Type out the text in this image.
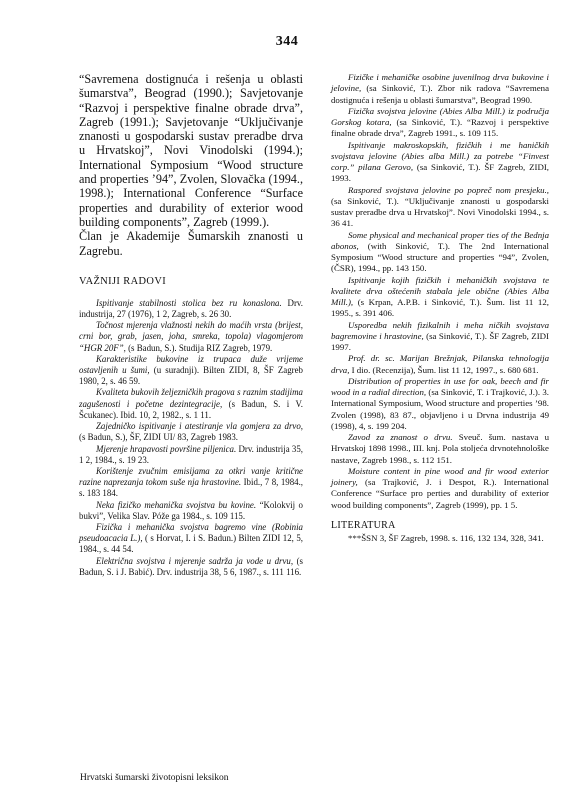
344

“Savremena dostignuća i rešenja u oblasti šumarstva”, Beograd (1990.); Savjetovanje “Razvoj i perspektive finalne obrade drva”, Zagreb (1991.); Savjetovanje “Uključivanje znanosti u gospodarski sustav preradbe drva u Hrvatskoj”, Novi Vinodolski (1994.); International Symposium “Wood structure and properties ’94”, Zvolen, Slovačka (1994., 1998.); International Conference “Surface properties and durability of exterior wood building components”, Zagreb (1999.).

Član je Akademije Šumarskih znanosti u Zagrebu.

VAŽNIJI RADOVI
Ispitivanje stabilnosti stolica bez ru konaslona. Drv. industrija, 27 (1976), 1 2, Zagreb, s. 26 30.
Točnost mjerenja vlažnosti nekih do maćih vrsta (brijest, crni bor, grab, jasen, joha, smreka, topola) vlagomjerom “HGR 20F”, (s Badun, S.). Studija RIZ Zagreb, 1979.
Karakteristike bukovine iz trupaca duže vrijeme ostavljenih u šumi, (u suradnji). Bilten ZIDI, 8, ŠF Zagreb 1980, 2, s. 46 59.
Kvaliteta bukovih željezničkih pragova s raznim stadijima zagušenosti i početne dezintegracije, (s Badun, S. i V. Šcukanec). Ibid. 10, 2, 1982., s. 1 11.
Zajedničko ispitivanje i atestiranje vla gomjera za drvo, (s Badun, S.), ŠF, ZIDI UI/ 83, Zagreb 1983.
Mjerenje hrapavosti površine piljenica. Drv. industrija 35, 1 2, 1984., s. 19 23.
Korištenje zvučnim emisijama za otkri vanje kritične razine naprezanja tokom suše nja hrastovine. Ibid., 7 8, 1984., s. 183 184.
Neka fizičko mehanička svojstva bu kovine. “Kolokvij o bukvi”, Velika Slav. Póže ga 1984., s. 109 115.
Fizička i mehanička svojstva bagremo vine (Robinia pseudoacacia L.), ( s Horvat, I. i S. Badun.) Bilten ZIDI 12, 5, 1984., s. 44 54.
Električna svojstva i mjerenje sadrža ja vode u drvu, (s Badun, S. i J. Babić). Drv. industrija 38, 5 6, 1987., s. 111 116.
Fizičke i mehaničke osobine juvenilnog drva bukovine i jelovine, (sa Sinković, T.). Zbor nik radova “Savremena dostignuća i rešenja u oblasti šumarstva”, Beograd 1990.
Fizička svojstva jelovine (Abies Alba Mill.) iz područja Gorskog kotara, (sa Sinković, T.). “Razvoj i perspektive finalne obrade drva”, Zagreb 1991., s. 109 115.
Ispitivanje makroskopskih, fizičkih i me haničkih svojstava jelovine (Abies alba Mill.) za potrebe “Finvest corp.” pilana Gerovo, (sa Sinković, T.). ŠF Zagreb, ZIDI, 1993.
Raspored svojstava jelovine po popreč nom presjeku., (sa Sinković, T.). “Uključivanje znanosti u gospodarski sustav preradbe drva u Hrvatskoj”. Novi Vinodolski 1994., s. 36 41.
Some physical and mechanical proper ties of the Bednja abonos, (with Sinković, T.). The 2nd International Symposium “Wood structure and properties “94”, Zvolen, (ČSR), 1994., pp. 143 150.
Ispitivanje kojih fizičkih i mehaničkih svojstava te kvalitete drva oštećenih stabala jele obične (Abies Alba Mill.), (s Krpan, A.P.B. i Sinković, T.). Šum. list 11 12, 1995., s. 391 406.
Usporedba nekih fizikalnih i meha ničkih svojstava bagremovine i hrastovine, (sa Sinković, T.). ŠF Zagreb, ZIDI 1997.
Prof. dr. sc. Marijan Brežnjak, Pilanska tehnologija drva, I dio. (Recenzija), Šum. list 11 12, 1997., s. 680 681.
Distribution of properties in use for oak, beech and fir wood in a radial direction, (sa Sinković, T. i Trajković, J.). 3. International Symposium, Wood structure and properties ’98. Zvolen (1998), 83 87., objavljeno i u Drvna industrija 49 (1998), 4, s. 199 204.
Zavod za znanost o drvu. Sveuč. šum. nastava u Hrvatskoj 1898 1998., III. knj. Pola stoljeća drvnotehnološke nastave, Zagreb 1998., s. 112 151.
Moisture content in pine wood and fir wood exterior joinery, (sa Trajković, J. i Despot, R.). International Conference “Surface pro perties and durability of exterior wood building components”, Zagreb (1999), pp. 1 5.
LITERATURA
***ŠSN 3, ŠF Zagreb, 1998. s. 116, 132 134, 328, 341.
Hrvatski šumarski životopisni leksikon
